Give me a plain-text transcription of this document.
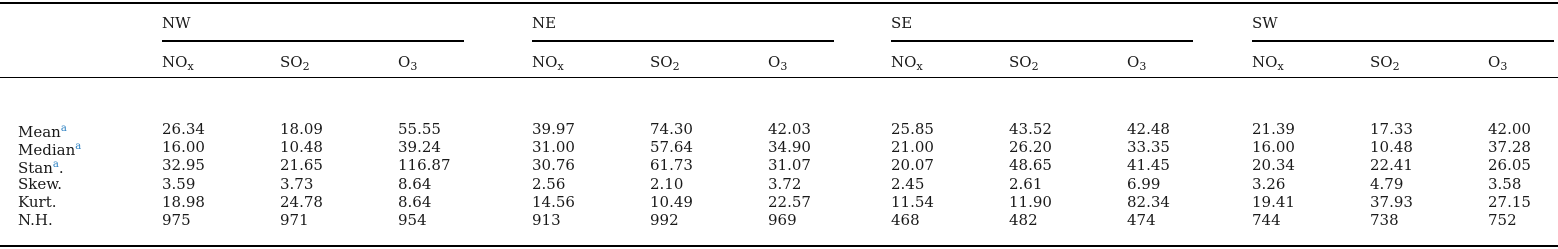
NW
$NO_x$	$SO_2$	$O_3$
NE
$NO_x$	$SO_2$	$O_3$
SE
$NO_x$	$SO_2$	$O_3$
SW
$NO_x$	$SO_2$	$O_3$
Mean$^a$	26.34	18.09	55.55	39.97	74.30	42.03	25.85	43.52	42.48	21.39	17.33	42.00
Median$^a$	16.00	10.48	39.24	31.00	57.64	34.90	21.00	26.20	33.35	16.00	10.48	37.28
Stan$^a$.	32.95	21.65	116.87	30.76	61.73	31.07	20.07	48.65	41.45	20.34	22.41	26.05
Skew.	3.59	3.73	8.64	2.56	2.10	3.72	2.45	2.61	6.99	3.26	4.79	3.58
Kurt.	18.98	24.78	8.64	14.56	10.49	22.57	11.54	11.90	82.34	19.41	37.93	27.15
N.H.	975	971	954	913	992	969	468	482	474	744	738	752
